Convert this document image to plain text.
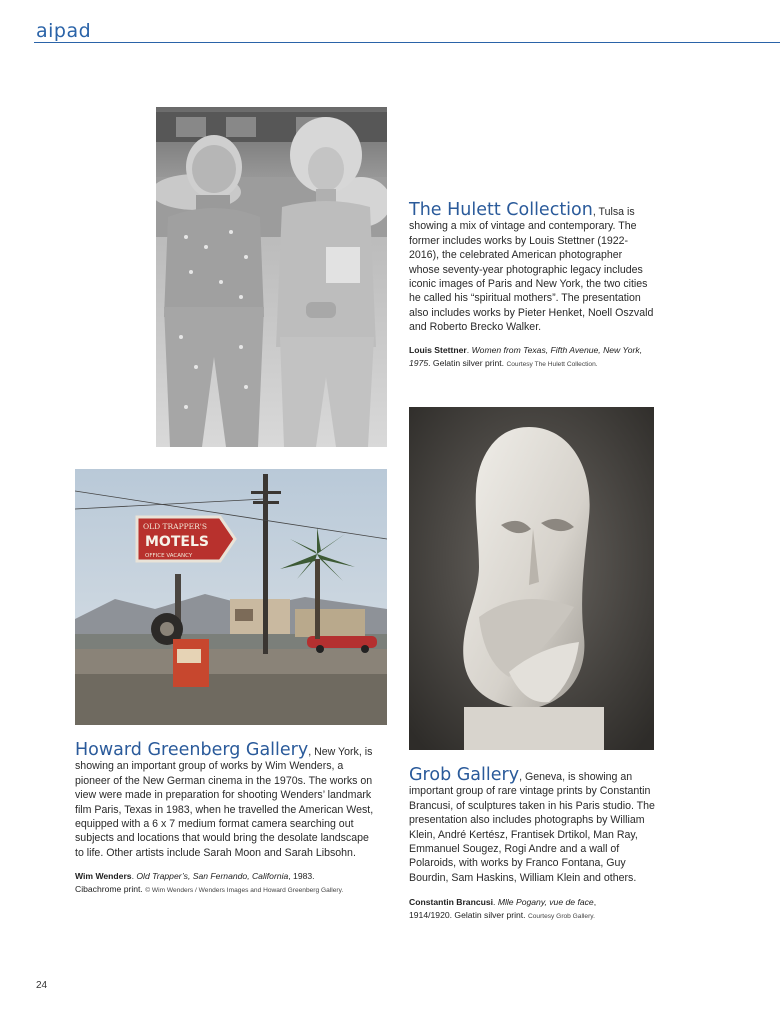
aipad
The Hulett Collection, Tulsa is showing a mix of vintage and contemporary. The former includes works by Louis Stettner (1922-2016), the celebrated American photographer whose seventy-year photographic legacy includes iconic images of Paris and New York, the two cities he called his “spiritual mothers”. The presentation also includes works by Pieter Henket, Noell Oszvald and Roberto Brecko Walker.
Louis Stettner. Women from Texas, Fifth Avenue, New York, 1975. Gelatin silver print. Courtesy The Hulett Collection.
OLD TRAPPER'S
MOTELS
OFFICE VACANCY
Howard Greenberg Gallery, New York, is showing an important group of works by Wim Wenders, a pioneer of the New German cinema in the 1970s. The works on view were made in preparation for shooting Wenders’ landmark film Paris, Texas in 1983, when he travelled the American West, equipped with a 6 x 7 medium format camera searching out subjects and locations that would bring the desolate landscape to life. Other artists include Sarah Moon and Sarah Libsohn.
Wim Wenders. Old Trapper’s, San Fernando, California, 1983.
Cibachrome print. © Wim Wenders / Wenders Images and Howard Greenberg Gallery.
Grob Gallery, Geneva, is showing an important group of rare vintage prints by Constantin Brancusi, of sculptures taken in his Paris studio. The presentation also includes photographs by William Klein, André Kertész, Frantisek Drtikol, Man Ray, Emmanuel Sougez, Rogi Andre and a wall of Polaroids, with works by Franco Fontana, Guy Bourdin, Sam Haskins, William Klein and others.
Constantin Brancusi. Mlle Pogany, vue de face,
1914/1920. Gelatin silver print. Courtesy Grob Gallery.
24
